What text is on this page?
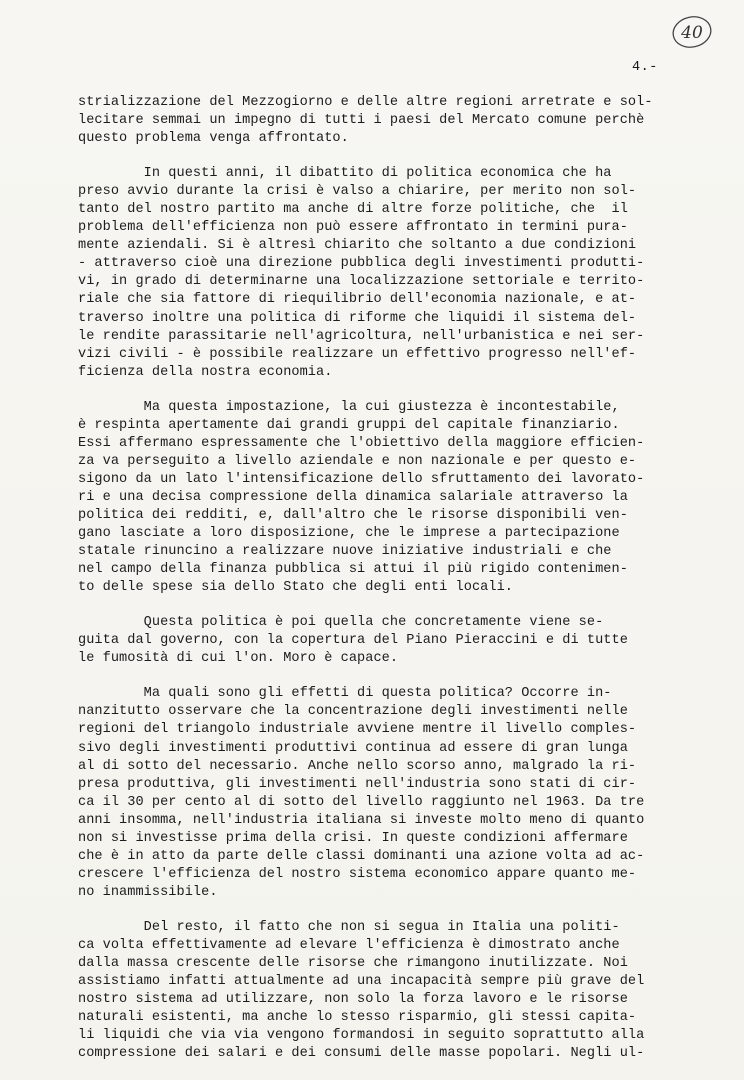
40
4.-
strializzazione del Mezzogiorno e delle altre regioni arretrate e sol-
lecitare semmai un impegno di tutti i paesi del Mercato comune perchè
questo problema venga affrontato.
In questi anni, il dibattito di politica economica che ha
preso avvio durante la crisi è valso a chiarire, per merito non sol-
tanto del nostro partito ma anche di altre forze politiche, che  il
problema dell'efficienza non può essere affrontato in termini pura-
mente aziendali. Si è altresì chiarito che soltanto a due condizioni
- attraverso cioè una direzione pubblica degli investimenti produtti-
vi, in grado di determinarne una localizzazione settoriale e territo-
riale che sia fattore di riequilibrio dell'economia nazionale, e at-
traverso inoltre una politica di riforme che liquidi il sistema del-
le rendite parassitarie nell'agricoltura, nell'urbanistica e nei ser-
vizi civili - è possibile realizzare un effettivo progresso nell'ef-
ficienza della nostra economia.
Ma questa impostazione, la cui giustezza è incontestabile,
è respinta apertamente dai grandi gruppi del capitale finanziario.
Essi affermano espressamente che l'obiettivo della maggiore efficien-
za va perseguito a livello aziendale e non nazionale e per questo e-
sigono da un lato l'intensificazione dello sfruttamento dei lavorato-
ri e una decisa compressione della dinamica salariale attraverso la
politica dei redditi, e, dall'altro che le risorse disponibili ven-
gano lasciate a loro disposizione, che le imprese a partecipazione
statale rinuncino a realizzare nuove iniziative industriali e che
nel campo della finanza pubblica si attui il più rigido contenimen-
to delle spese sia dello Stato che degli enti locali.
Questa politica è poi quella che concretamente viene se-
guita dal governo, con la copertura del Piano Pieraccini e di tutte
le fumosità di cui l'on. Moro è capace.
Ma quali sono gli effetti di questa politica? Occorre in-
nanzitutto osservare che la concentrazione degli investimenti nelle
regioni del triangolo industriale avviene mentre il livello comples-
sivo degli investimenti produttivi continua ad essere di gran lunga
al di sotto del necessario. Anche nello scorso anno, malgrado la ri-
presa produttiva, gli investimenti nell'industria sono stati di cir-
ca il 30 per cento al di sotto del livello raggiunto nel 1963. Da tre
anni insomma, nell'industria italiana si investe molto meno di quanto
non si investisse prima della crisi. In queste condizioni affermare
che è in atto da parte delle classi dominanti una azione volta ad ac-
crescere l'efficienza del nostro sistema economico appare quanto me-
no inammissibile.
Del resto, il fatto che non si segua in Italia una politi-
ca volta effettivamente ad elevare l'efficienza è dimostrato anche
dalla massa crescente delle risorse che rimangono inutilizzate. Noi
assistiamo infatti attualmente ad una incapacità sempre più grave del
nostro sistema ad utilizzare, non solo la forza lavoro e le risorse
naturali esistenti, ma anche lo stesso risparmio, gli stessi capita-
li liquidi che via via vengono formandosi in seguito soprattutto alla
compressione dei salari e dei consumi delle masse popolari. Negli ul-
